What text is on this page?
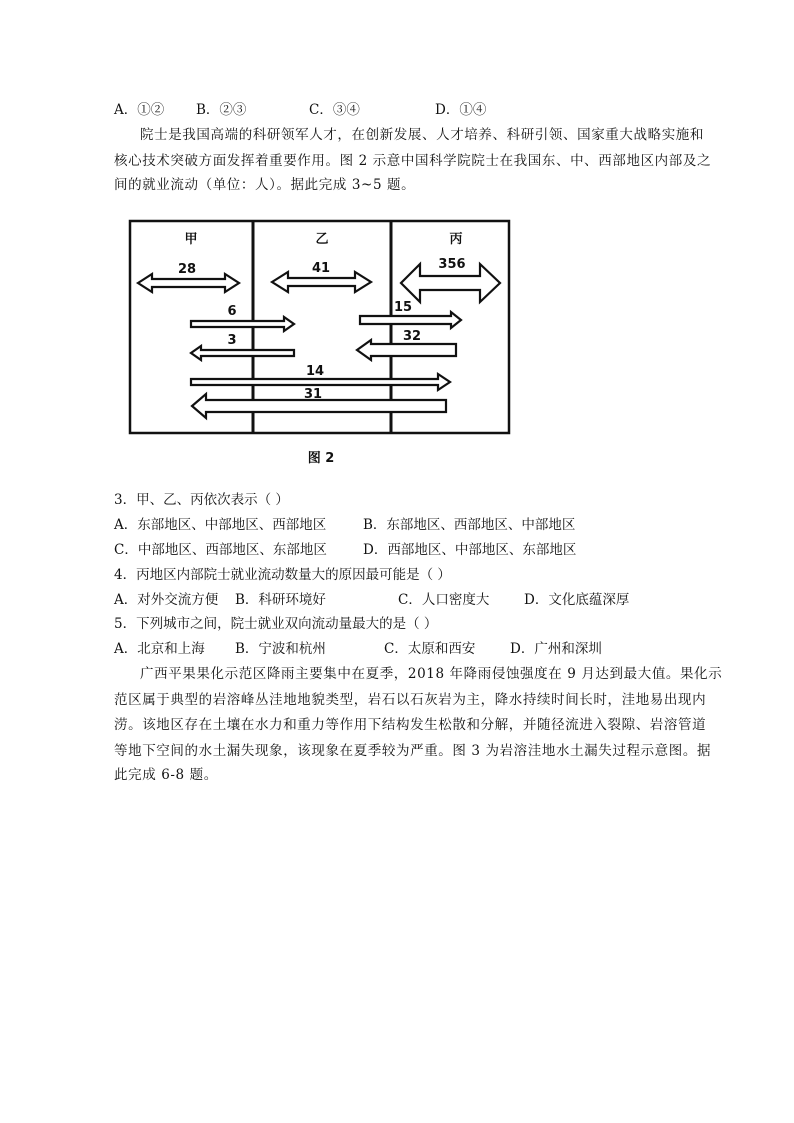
A．①② B．②③	C．③④	D．①④
院士是我国高端的科研领军人才，在创新发展、人才培养、科研引领、国家重大战略实施和
核心技术突破方面发挥着重要作用。图 2 示意中国科学院院士在我国东、中、西部地区内部及之
间的就业流动（单位：人）。据此完成 3~5 题。
甲	乙	丙
28	41	356
6
3
15
32
14
31
图 2
3．甲、乙、丙依次表示（ ）
A．东部地区、中部地区、西部地区	B．东部地区、西部地区、中部地区
C．中部地区、西部地区、东部地区	D．西部地区、中部地区、东部地区
4．丙地区内部院士就业流动数量大的原因最可能是（ ）
A．对外交流方便 B．科研环境好	C．人口密度大	D．文化底蕴深厚
5．下列城市之间，院士就业双向流动量最大的是（ ）
A．北京和上海 B．宁波和杭州	C．太原和西安	D．广州和深圳
广西平果果化示范区降雨主要集中在夏季，2018 年降雨侵蚀强度在 9 月达到最大值。果化示
范区属于典型的岩溶峰丛洼地地貌类型，岩石以石灰岩为主，降水持续时间长时，洼地易出现内
涝。该地区存在土壤在水力和重力等作用下结构发生松散和分解，并随径流进入裂隙、岩溶管道
等地下空间的水土漏失现象，该现象在夏季较为严重。图 3 为岩溶洼地水土漏失过程示意图。据
此完成 6-8 题。
